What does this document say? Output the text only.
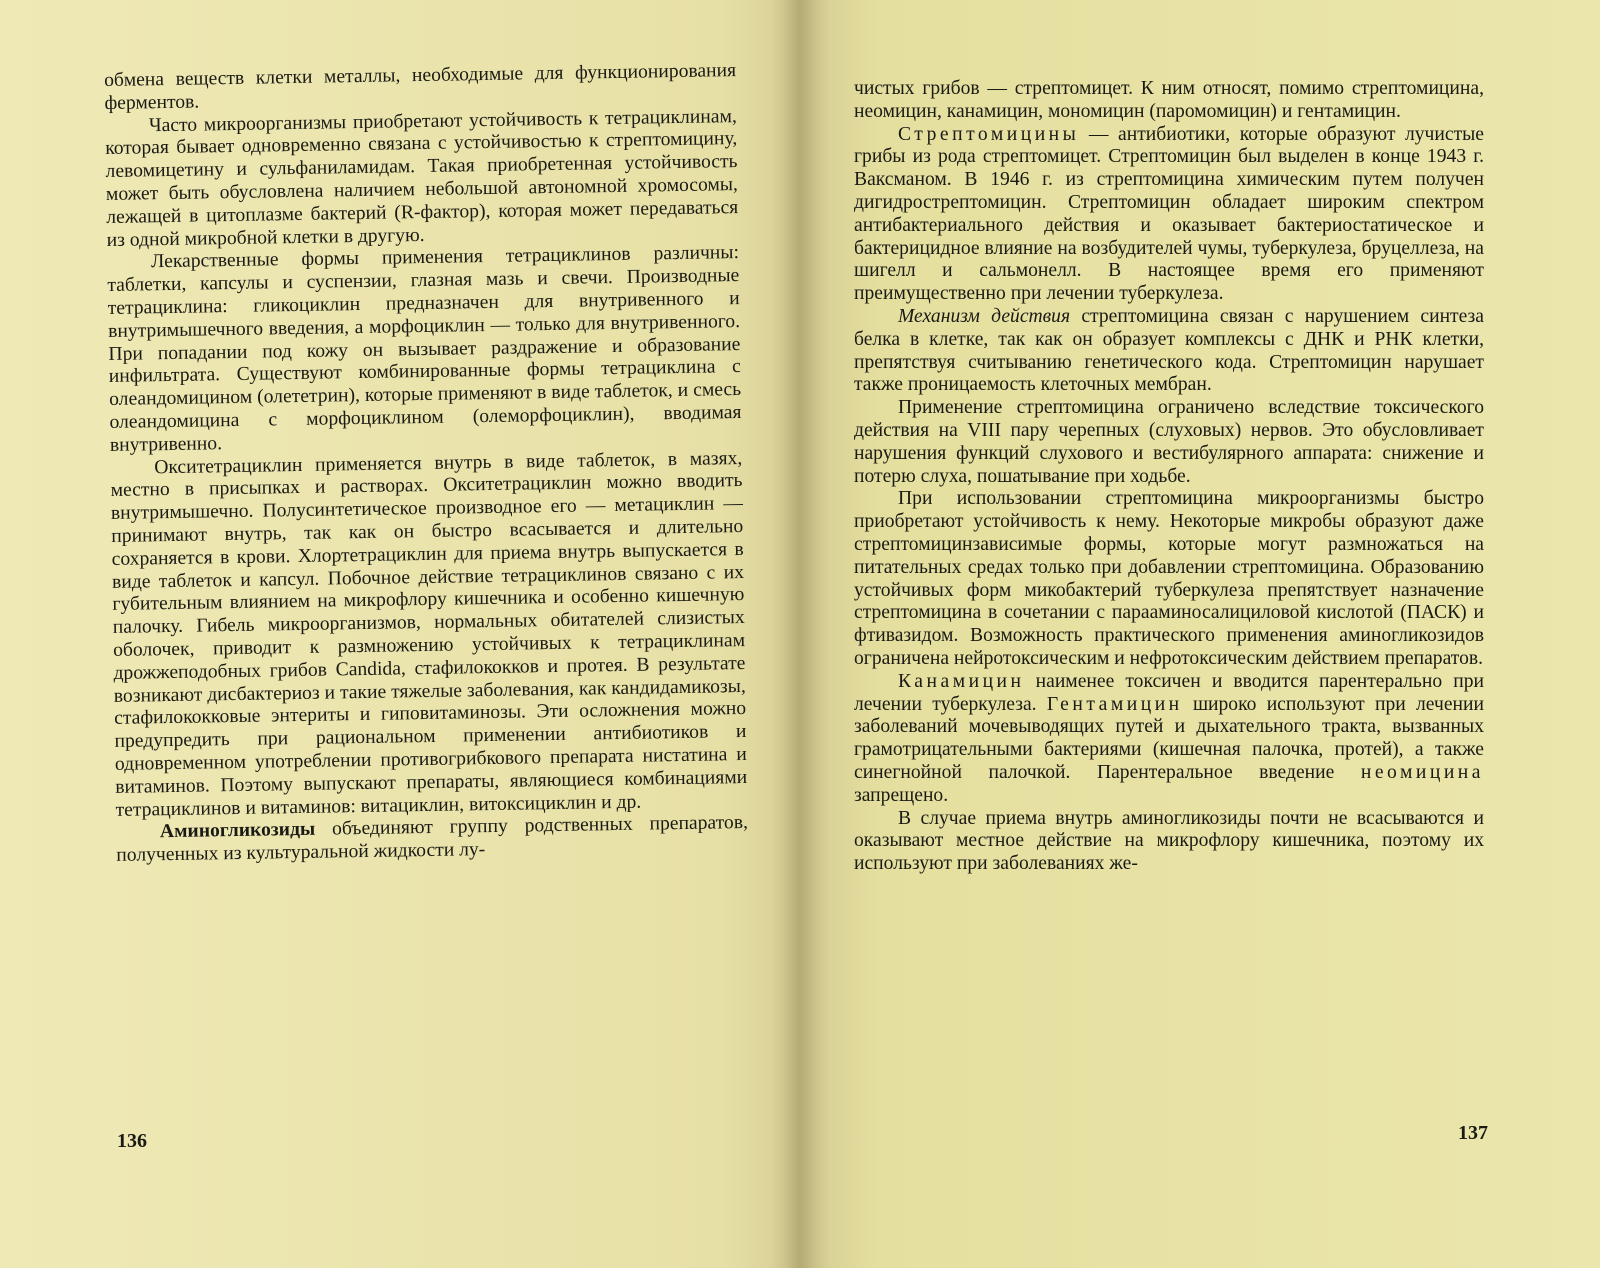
обмена веществ клетки металлы, необходимые для функционирования ферментов.

Часто микроорганизмы приобретают устойчивость к тетрациклинам, которая бывает одновременно связана с устойчивостью к стрептомицину, левомицетину и сульфаниламидам. Такая приобретенная устойчивость может быть обусловлена наличием небольшой автономной хромосомы, лежащей в цитоплазме бактерий (R-фактор), которая может передаваться из одной микробной клетки в другую.

Лекарственные формы применения тетрациклинов различны: таблетки, капсулы и суспензии, глазная мазь и свечи. Производные тетрациклина: гликоциклин предназначен для внутривенного и внутримышечного введения, а морфоциклин — только для внутривенного. При попадании под кожу он вызывает раздражение и образование инфильтрата. Существуют комбинированные формы тетрациклина с олеандомицином (олететрин), которые применяют в виде таблеток, и смесь олеандомицина с морфоциклином (олеморфоциклин), вводимая внутривенно.

Окситетрациклин применяется внутрь в виде таблеток, в мазях, местно в присыпках и растворах. Окситетрациклин можно вводить внутримышечно. Полусинтетическое производное его — метациклин — принимают внутрь, так как он быстро всасывается и длительно сохраняется в крови. Хлортетрациклин для приема внутрь выпускается в виде таблеток и капсул. Побочное действие тетрациклинов связано с их губительным влиянием на микрофлору кишечника и особенно кишечную палочку. Гибель микроорганизмов, нормальных обитателей слизистых оболочек, приводит к размножению устойчивых к тетрациклинам дрожжеподобных грибов Candida, стафилококков и протея. В результате возникают дисбактериоз и такие тяжелые заболевания, как кандидамикозы, стафилококковые энтериты и гиповитаминозы. Эти осложнения можно предупредить при рациональном применении антибиотиков и одновременном употреблении противогрибкового препарата нистатина и витаминов. Поэтому выпускают препараты, являющиеся комбинациями тетрациклинов и витаминов: витациклин, витоксициклин и др.

Аминогликозиды объединяют группу родственных препаратов, полученных из культуральной жидкости лу-

136

чистых грибов — стрептомицет. К ним относят, помимо стрептомицина, неомицин, канамицин, мономицин (паромомицин) и гентамицин.

Стрептомицины — антибиотики, которые образуют лучистые грибы из рода стрептомицет. Стрептомицин был выделен в конце 1943 г. Ваксманом. В 1946 г. из стрептомицина химическим путем получен дигидрострептомицин. Стрептомицин обладает широким спектром антибактериального действия и оказывает бактериостатическое и бактерицидное влияние на возбудителей чумы, туберкулеза, бруцеллеза, на шигелл и сальмонелл. В настоящее время его применяют преимущественно при лечении туберкулеза.

Механизм действия стрептомицина связан с нарушением синтеза белка в клетке, так как он образует комплексы с ДНК и РНК клетки, препятствуя считыванию генетического кода. Стрептомицин нарушает также проницаемость клеточных мембран.

Применение стрептомицина ограничено вследствие токсического действия на VIII пару черепных (слуховых) нервов. Это обусловливает нарушения функций слухового и вестибулярного аппарата: снижение и потерю слуха, пошатывание при ходьбе.

При использовании стрептомицина микроорганизмы быстро приобретают устойчивость к нему. Некоторые микробы образуют даже стрептомицинзависимые формы, которые могут размножаться на питательных средах только при добавлении стрептомицина. Образованию устойчивых форм микобактерий туберкулеза препятствует назначение стрептомицина в сочетании с парааминосалициловой кислотой (ПАСК) и фтивазидом. Возможность практического применения аминогликозидов ограничена нейротоксическим и нефротоксическим действием препаратов.

Канамицин наименее токсичен и вводится парентерально при лечении туберкулеза. Гентамицин широко используют при лечении заболеваний мочевыводящих путей и дыхательного тракта, вызванных грамотрицательными бактериями (кишечная палочка, протей), а также синегнойной палочкой. Парентеральное введение неомицина запрещено.

В случае приема внутрь аминогликозиды почти не всасываются и оказывают местное действие на микрофлору кишечника, поэтому их используют при заболеваниях же-

137
